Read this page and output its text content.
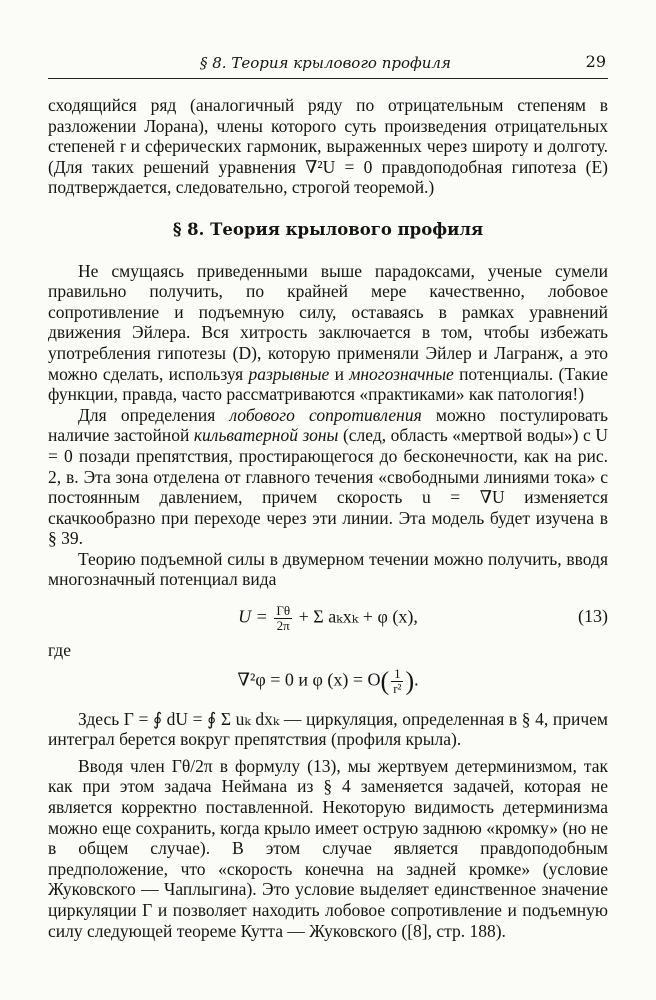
§ 8. Теория крылового профиля	29

сходящийся ряд (аналогичный ряду по отрицательным степеням в разложении Лорана), члены которого суть произведения отрицательных степеней r и сферических гармоник, выраженных через широту и долготу. (Для таких решений уравнения ∇²U = 0 правдоподобная гипотеза (E) подтверждается, следовательно, строгой теоремой.)

§ 8. Теория крылового профиля

Не смущаясь приведенными выше парадоксами, ученые сумели правильно получить, по крайней мере качественно, лобовое сопротивление и подъемную силу, оставаясь в рамках уравнений движения Эйлера. Вся хитрость заключается в том, чтобы избежать употребления гипотезы (D), которую применяли Эйлер и Лагранж, а это можно сделать, используя разрывные и многозначные потенциалы. (Такие функции, правда, часто рассматриваются «практиками» как патология!)

Для определения лобового сопротивления можно постулировать наличие застойной кильватерной зоны (след, область «мертвой воды») с U = 0 позади препятствия, простирающегося до бесконечности, как на рис. 2, в. Эта зона отделена от главного течения «свободными линиями тока» с постоянным давлением, причем скорость u = ∇U изменяется скачкообразно при переходе через эти линии. Эта модель будет изучена в § 39.

Теорию подъемной силы в двумерном течении можно получить, вводя многозначный потенциал вида

$U = \frac{\Gamma\theta}{2\pi} + \Sigma$ aₖxₖ + φ (x),	(13)

где

∇²φ = 0 и φ $(x) = O( \frac{1}{\text{r²}}$ ).

Здесь Γ = ∮ dU = ∮ Σ uₖ dxₖ — циркуляция, определенная в § 4, причем интеграл берется вокруг препятствия (профиля крыла).

Вводя член Γθ/2π в формулу (13), мы жертвуем детерминизмом, так как при этом задача Неймана из § 4 заменяется задачей, которая не является корректно поставленной. Некоторую видимость детерминизма можно еще сохранить, когда крыло имеет острую заднюю «кромку» (но не в общем случае). В этом случае является правдоподобным предположение, что «скорость конечна на задней кромке» (условие Жуковского — Чаплыгина). Это условие выделяет единственное значение циркуляции Γ и позволяет находить лобовое сопротивление и подъемную силу следующей теореме Кутта — Жуковского ([8], стр. 188).
